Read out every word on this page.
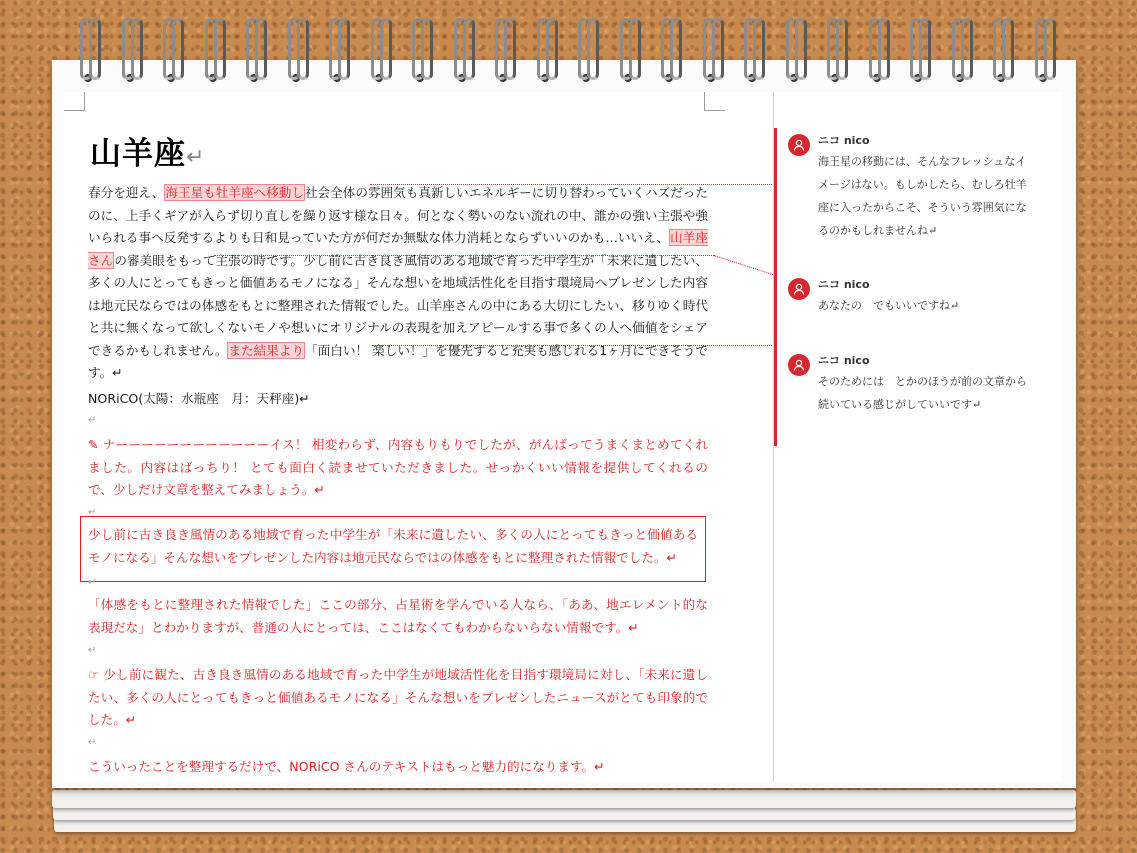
山羊座↵

春分を迎え、海王星も牡羊座へ移動し社会全体の雰囲気も真新しいエネルギーに切り替わっていくハズだったのに、上手くギアが入らず切り直しを繰り返す様な日々。何となく勢いのない流れの中、誰かの強い主張や強いられる事へ反発するよりも日和見っていた方が何だか無駄な体力消耗とならずいいのかも…いいえ、山羊座さんの審美眼をもって主張の時です。少し前に古き良き風情のある地域で育った中学生が「未来に遺したい、多くの人にとってもきっと価値あるモノになる」そんな想いを地域活性化を目指す環境局へプレゼンした内容は地元民ならではの体感をもとに整理された情報でした。山羊座さんの中にある大切にしたい、移りゆく時代と共に無くなって欲しくないモノや想いにオリジナルの表現を加えアピールする事で多くの人へ価値をシェアできるかもしれません。また結果より「面白い！ 楽しい！」を優先すると充実も感じれる1ヶ月にできそうです。↵

NORiCO(太陽：水瓶座　月：天秤座)↵

↵

✎ ナーーーーーーーーーーーーイス！ 相変わらず、内容もりもりでしたが、がんばってうまくまとめてくれました。内容はばっちり！ とても面白く読ませていただきました。せっかくいい情報を提供してくれるので、少しだけ文章を整えてみましょう。↵

↵

少し前に古き良き風情のある地域で育った中学生が「未来に遺したい、多くの人にとってもきっと価値あるモノになる」そんな想いをプレゼンした内容は地元民ならではの体感をもとに整理された情報でした。↵

↵

「体感をもとに整理された情報でした」ここの部分、占星術を学んでいる人なら、「ああ、地エレメント的な表現だな」とわかりますが、普通の人にとっては、ここはなくてもわからないらない情報です。↵

↵

☞ 少し前に観た、古き良き風情のある地域で育った中学生が地域活性化を目指す環境局に対し、「未来に遺したい、多くの人にとってもきっと価値あるモノになる」そんな想いをプレゼンしたニュースがとても印象的でした。↵

↵

こういったことを整理するだけで、NORiCO さんのテキストはもっと魅力的になります。↵

ニコ nico
海王星の移動には、そんなフレッシュなイメージはない。もしかしたら、むしろ牡羊座に入ったからこそ、そういう雰囲気になるのかもしれませんね↵
ニコ nico
あなたの　でもいいですね↵
ニコ nico
そのためには　とかのほうが前の文章から続いている感じがしていいです↵
